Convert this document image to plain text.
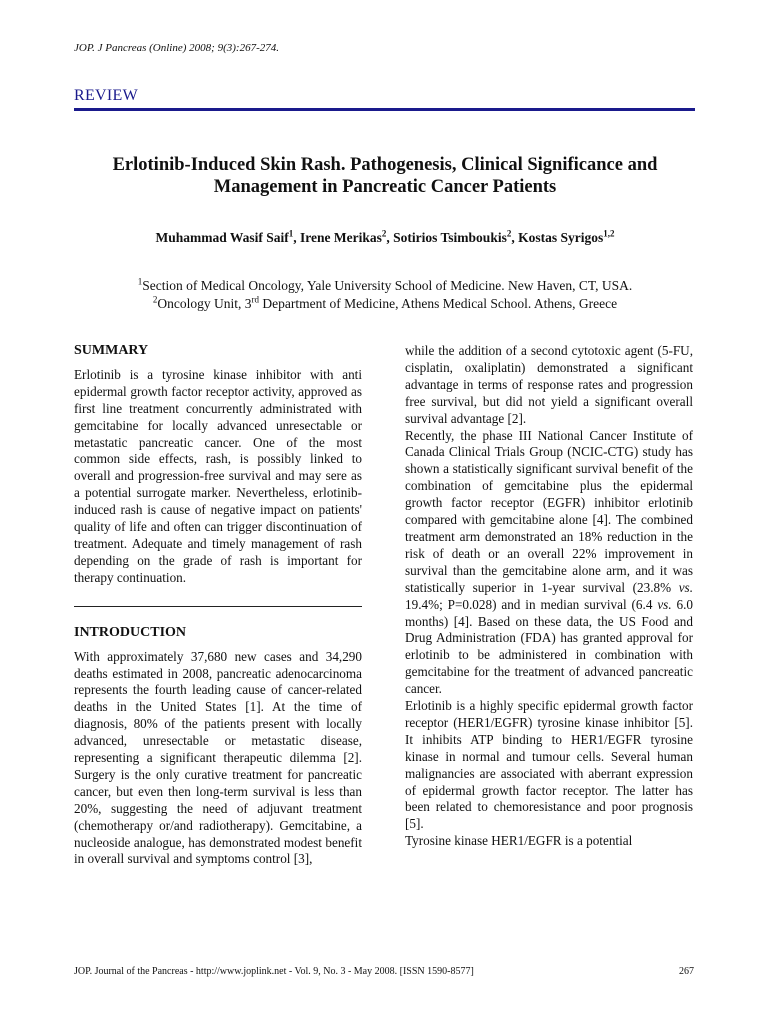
JOP. J Pancreas (Online) 2008; 9(3):267-274.
REVIEW
Erlotinib-Induced Skin Rash. Pathogenesis, Clinical Significance and
Management in Pancreatic Cancer Patients
Muhammad Wasif Saif$^1$, Irene Merikas$^2$, Sotirios Tsimboukis$^2$, Kostas Syrigos$^{1,2}$
$^1$Section of Medical Oncology, Yale University School of Medicine. New Haven, CT, USA.
$^2$Oncology Unit, 3rd Department of Medicine, Athens Medical School. Athens, Greece
SUMMARY

Erlotinib is a tyrosine kinase inhibitor with anti epidermal growth factor receptor activity, approved as first line treatment concurrently administrated with gemcitabine for locally advanced unresectable or metastatic pancreatic cancer. One of the most common side effects, rash, is possibly linked to overall and progression-free survival and may sere as a potential surrogate marker. Nevertheless, erlotinib-induced rash is cause of negative impact on patients' quality of life and often can trigger discontinuation of treatment. Adequate and timely management of rash depending on the grade of rash is important for therapy continuation.

INTRODUCTION

With approximately 37,680 new cases and 34,290 deaths estimated in 2008, pancreatic adenocarcinoma represents the fourth leading cause of cancer-related deaths in the United States [1]. At the time of diagnosis, 80% of the patients present with locally advanced, unresectable or metastatic disease, representing a significant therapeutic dilemma [2]. Surgery is the only curative treatment for pancreatic cancer, but even then long-term survival is less than 20%, suggesting the need of adjuvant treatment (chemotherapy or/and radiotherapy). Gemcitabine, a nucleoside analogue, has demonstrated modest benefit in overall survival and symptoms control [3],

while the addition of a second cytotoxic agent (5-FU, cisplatin, oxaliplatin) demonstrated a significant advantage in terms of response rates and progression free survival, but did not yield a significant overall survival advantage [2].

Recently, the phase III National Cancer Institute of Canada Clinical Trials Group (NCIC-CTG) study has shown a statistically significant survival benefit of the combination of gemcitabine plus the epidermal growth factor receptor (EGFR) inhibitor erlotinib compared with gemcitabine alone [4]. The combined treatment arm demonstrated an 18% reduction in the risk of death or an overall 22% improvement in survival than the gemcitabine alone arm, and it was statistically superior in 1-year survival (23.8% vs. 19.4%; P=0.028) and in median survival (6.4 vs. 6.0 months) [4]. Based on these data, the US Food and Drug Administration (FDA) has granted approval for erlotinib to be administered in combination with gemcitabine for the treatment of advanced pancreatic cancer.

Erlotinib is a highly specific epidermal growth factor receptor (HER1/EGFR) tyrosine kinase inhibitor [5]. It inhibits ATP binding to HER1/EGFR tyrosine kinase in normal and tumour cells. Several human malignancies are associated with aberrant expression of epidermal growth factor receptor. The latter has been related to chemoresistance and poor prognosis [5].

Tyrosine kinase HER1/EGFR is a potential

JOP. Journal of the Pancreas - http://www.joplink.net - Vol. 9, No. 3 - May 2008. [ISSN 1590-8577]	267
